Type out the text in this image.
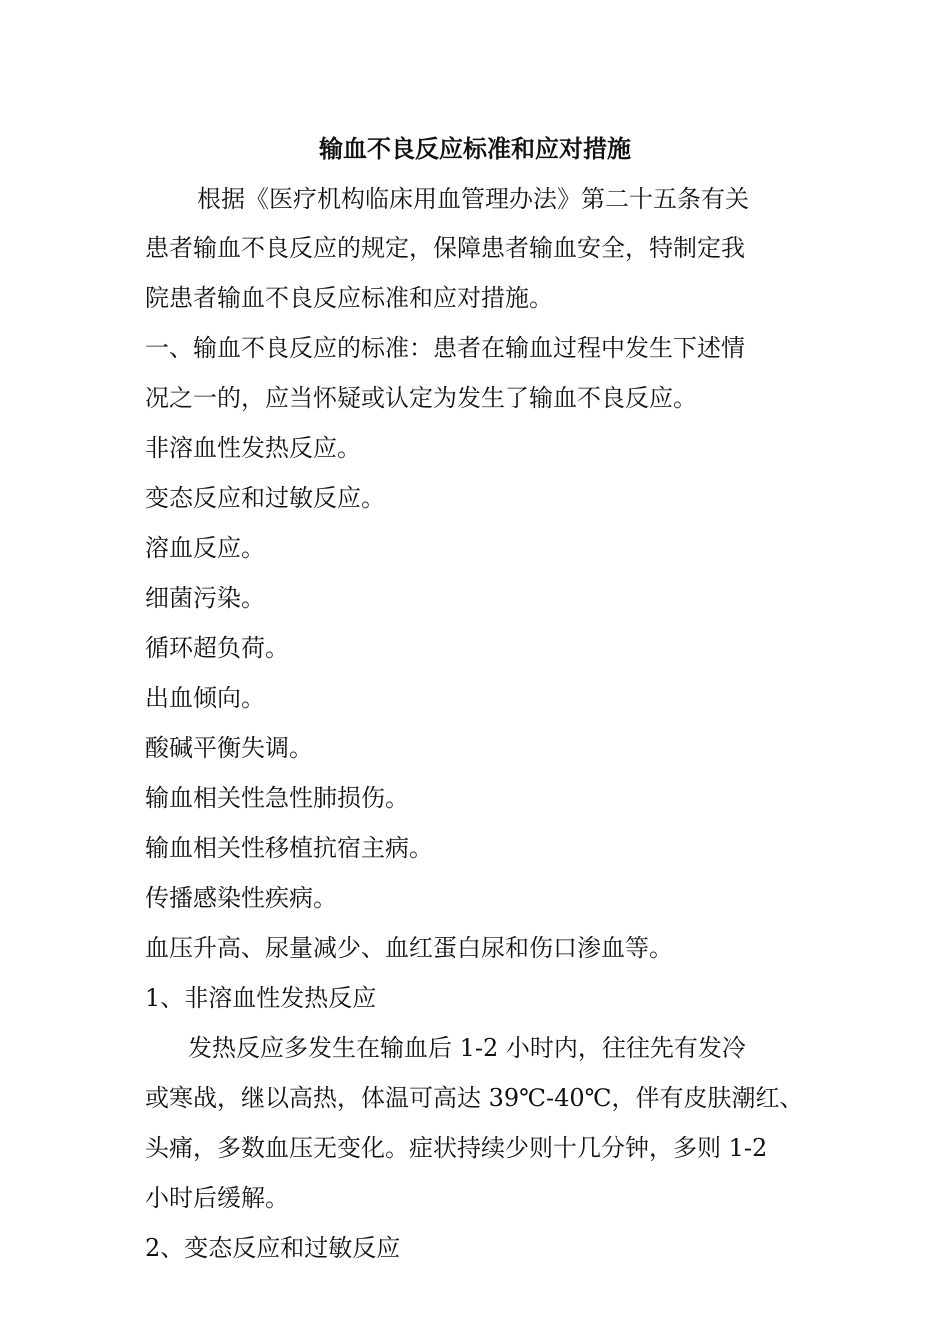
输血不良反应标准和应对措施

根据《医疗机构临床用血管理办法》第二十五条有关

患者输血不良反应的规定，保障患者输血安全，特制定我

院患者输血不良反应标准和应对措施。

一、输血不良反应的标准：患者在输血过程中发生下述情

况之一的，应当怀疑或认定为发生了输血不良反应。

非溶血性发热反应。

变态反应和过敏反应。

溶血反应。

细菌污染。

循环超负荷。

出血倾向。

酸碱平衡失调。

输血相关性急性肺损伤。

输血相关性移植抗宿主病。

传播感染性疾病。

血压升高、尿量减少、血红蛋白尿和伤口渗血等。

1、非溶血性发热反应

发热反应多发生在输血后 1-2 小时内，往往先有发冷

或寒战，继以高热，体温可高达 39℃-40℃，伴有皮肤潮红、

头痛，多数血压无变化。症状持续少则十几分钟，多则 1-2

小时后缓解。

2、变态反应和过敏反应
